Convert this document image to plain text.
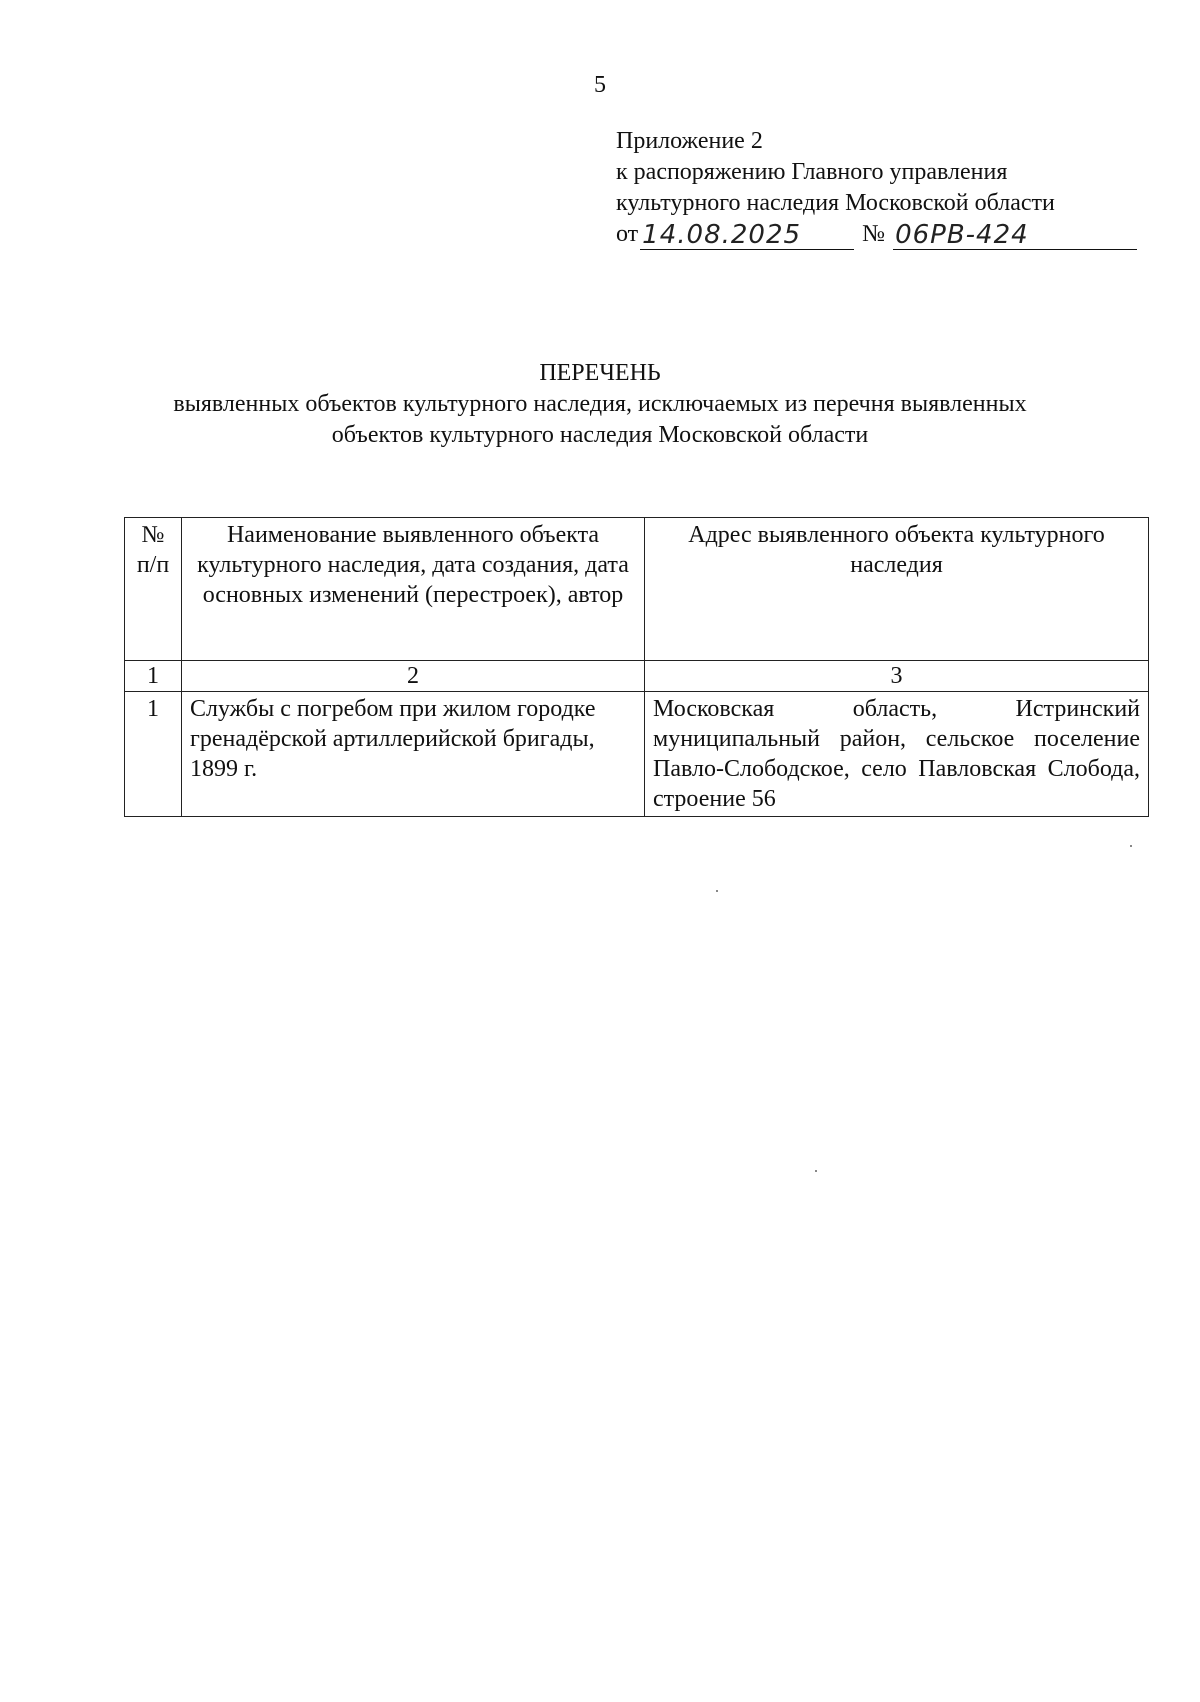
5
Приложение 2
к распоряжению Главного управления
культурного наследия Московской области
от 14.08.2025	№ 06РВ-424
ПЕРЕЧЕНЬ
выявленных объектов культурного наследия, исключаемых из перечня выявленных
объектов культурного наследия Московской области
№ п/п	Наименование выявленного объекта культурного наследия, дата создания, дата основных изменений (перестроек), автор	Адрес выявленного объекта культурного наследия
1	2	3
1	Службы с погребом при жилом городке гренадёрской артиллерийской бригады, 1899 г.	Московская область, Истринский муниципальный район, сельское поселение Павло-Слободское, село Павловская Слобода, строение 56
